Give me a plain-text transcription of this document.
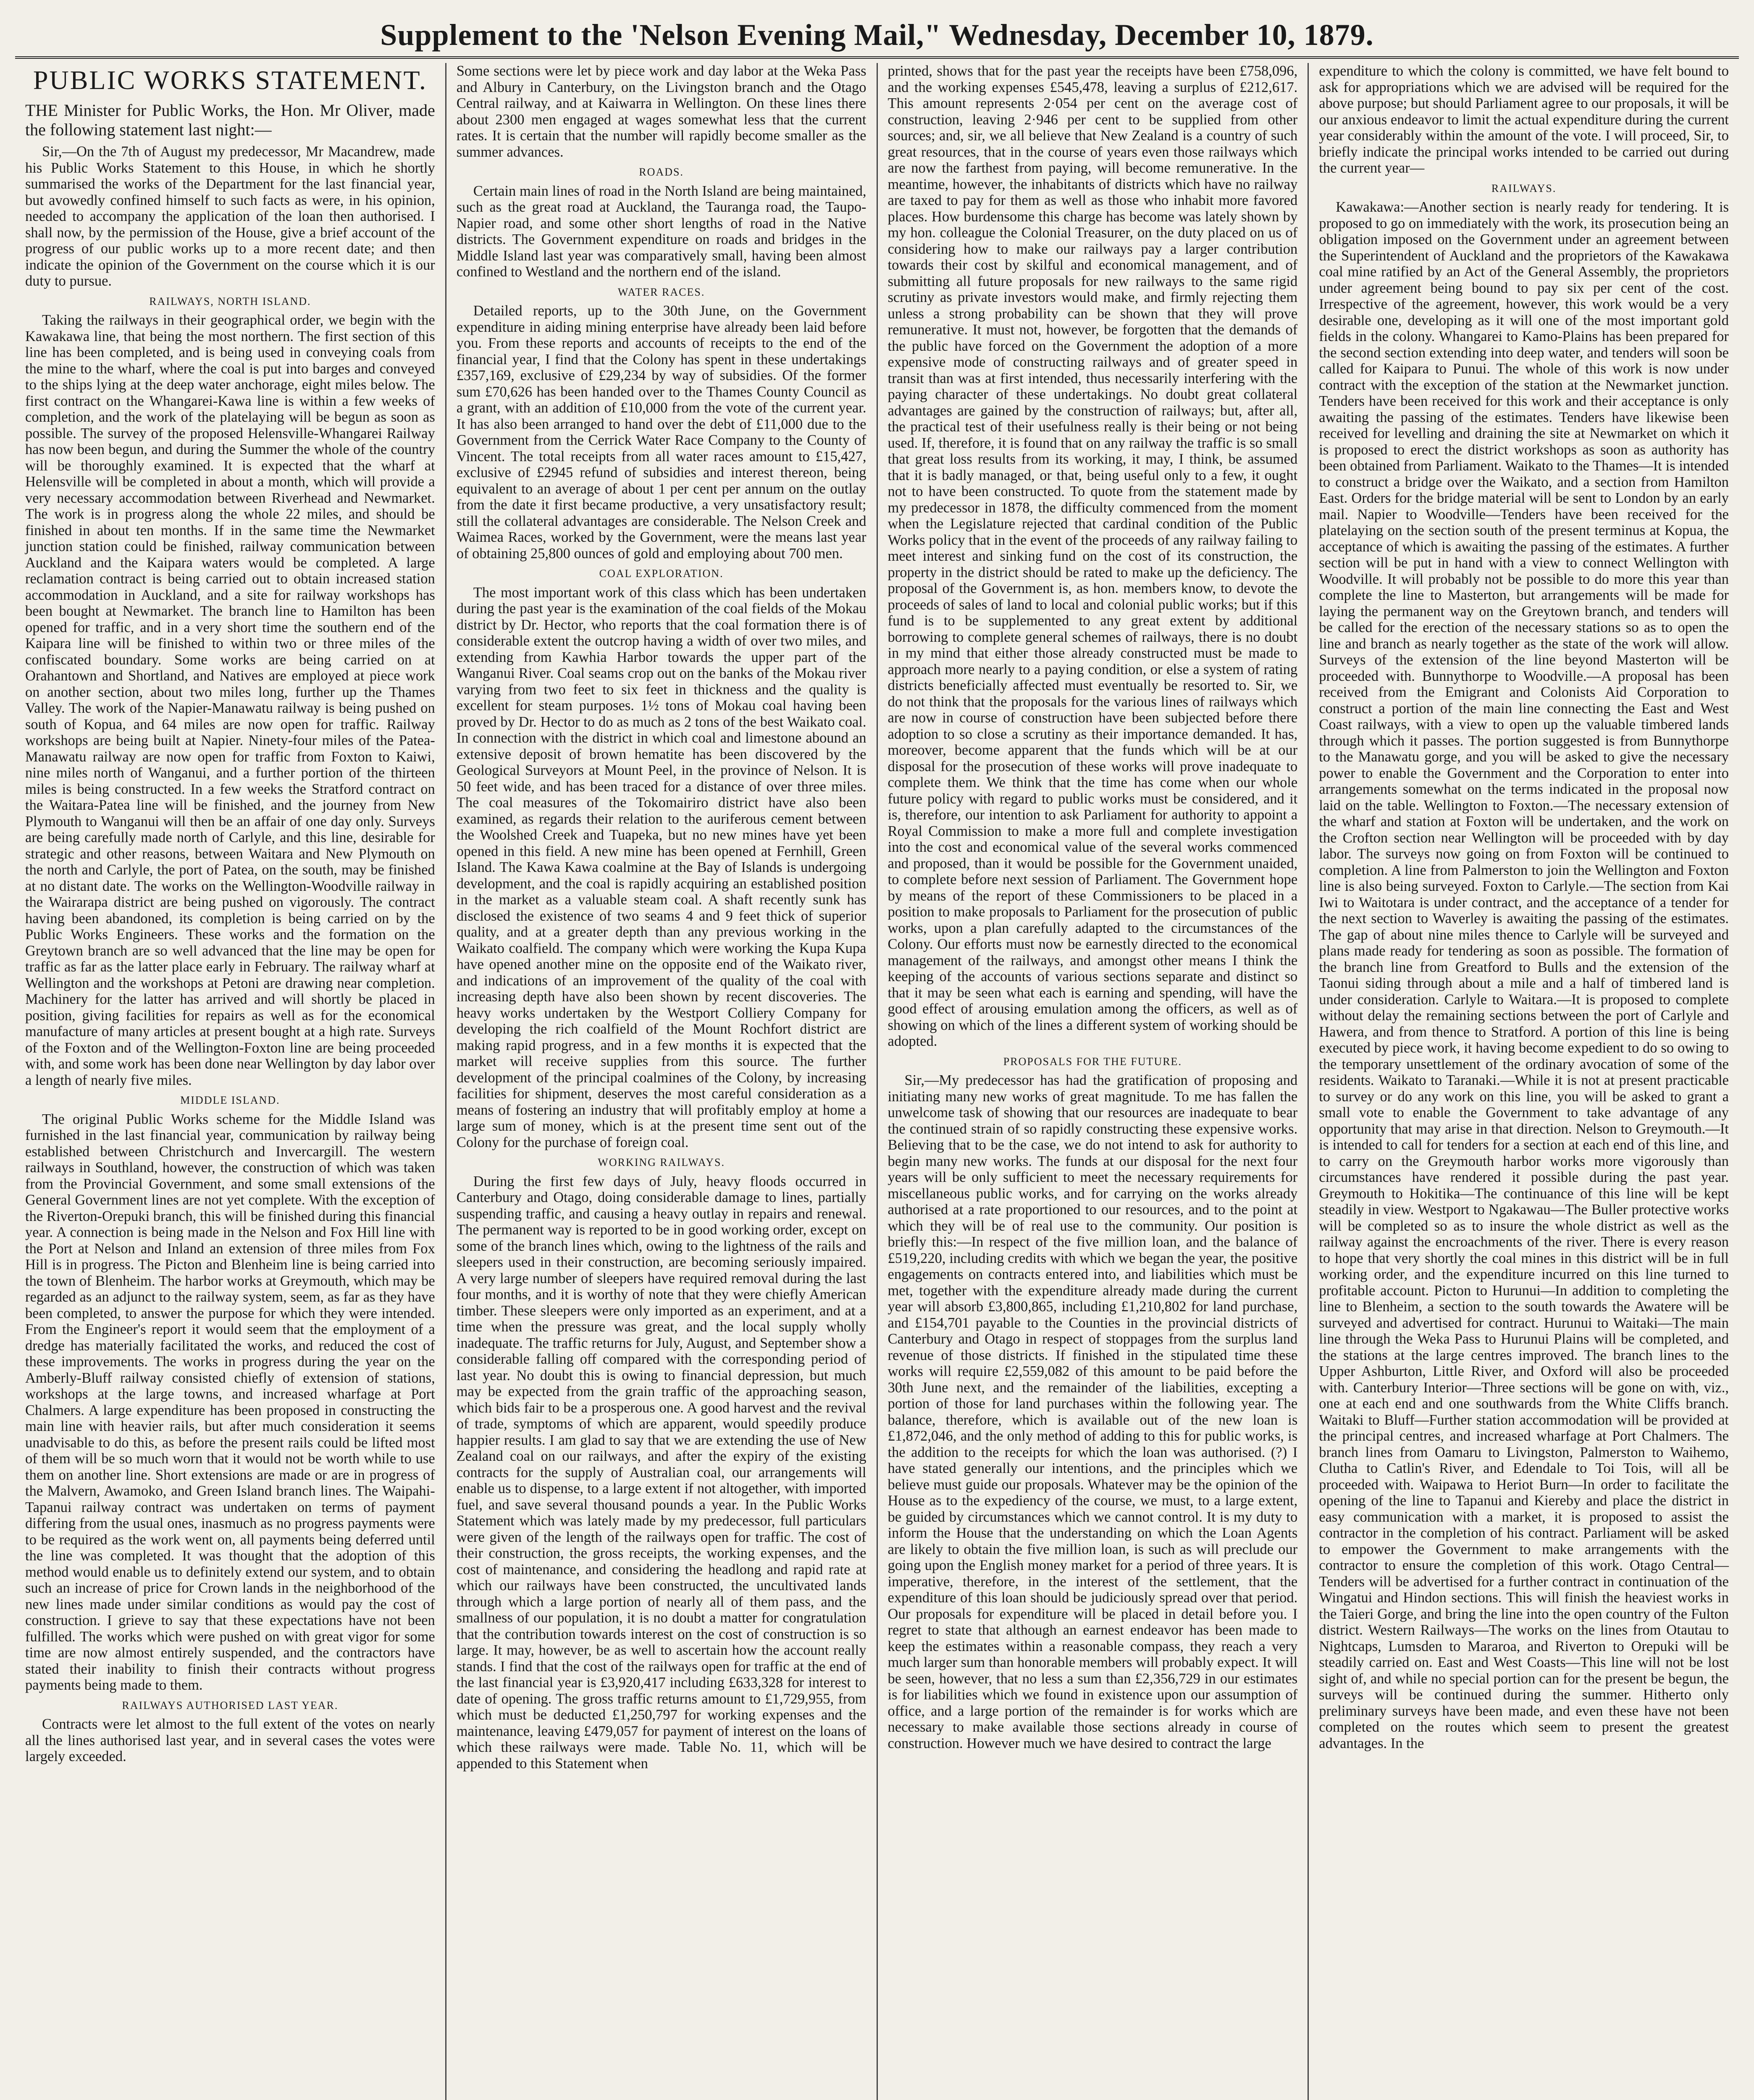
Supplement to the 'Nelson Evening Mail," Wednesday, December 10, 1879.
PUBLIC WORKS STATEMENT.

THE Minister for Public Works, the Hon. Mr Oliver, made the following statement last night:—

Sir,—On the 7th of August my predecessor, Mr Macandrew, made his Public Works Statement to this House, in which he shortly summarised the works of the Department for the last financial year, but avowedly confined himself to such facts as were, in his opinion, needed to accompany the application of the loan then authorised. I shall now, by the permission of the House, give a brief account of the progress of our public works up to a more recent date; and then indicate the opinion of the Government on the course which it is our duty to pursue.

RAILWAYS, NORTH ISLAND.

Taking the railways in their geographical order, we begin with the Kawakawa line, that being the most northern. The first section of this line has been completed, and is being used in conveying coals from the mine to the wharf, where the coal is put into barges and conveyed to the ships lying at the deep water anchorage, eight miles below. The first contract on the Whangarei-Kawa line is within a few weeks of completion, and the work of the platelaying will be begun as soon as possible. The survey of the proposed Helensville-Whangarei Railway has now been begun, and during the Summer the whole of the country will be thoroughly examined. It is expected that the wharf at Helensville will be completed in about a month, which will provide a very necessary accommodation between Riverhead and Newmarket. The work is in progress along the whole 22 miles, and should be finished in about ten months. If in the same time the Newmarket junction station could be finished, railway communication between Auckland and the Kaipara waters would be completed. A large reclamation contract is being carried out to obtain increased station accommodation in Auckland, and a site for railway workshops has been bought at Newmarket. The branch line to Hamilton has been opened for traffic, and in a very short time the southern end of the Kaipara line will be finished to within two or three miles of the confiscated boundary. Some works are being carried on at Orahantown and Shortland, and Natives are employed at piece work on another section, about two miles long, further up the Thames Valley. The work of the Napier-Manawatu railway is being pushed on south of Kopua, and 64 miles are now open for traffic. Railway workshops are being built at Napier. Ninety-four miles of the Patea-Manawatu railway are now open for traffic from Foxton to Kaiwi, nine miles north of Wanganui, and a further portion of the thirteen miles is being constructed. In a few weeks the Stratford contract on the Waitara-Patea line will be finished, and the journey from New Plymouth to Wanganui will then be an affair of one day only. Surveys are being carefully made north of Carlyle, and this line, desirable for strategic and other reasons, between Waitara and New Plymouth on the north and Carlyle, the port of Patea, on the south, may be finished at no distant date. The works on the Wellington-Woodville railway in the Wairarapa district are being pushed on vigorously. The contract having been abandoned, its completion is being carried on by the Public Works Engineers. These works and the formation on the Greytown branch are so well advanced that the line may be open for traffic as far as the latter place early in February. The railway wharf at Wellington and the workshops at Petoni are drawing near completion. Machinery for the latter has arrived and will shortly be placed in position, giving facilities for repairs as well as for the economical manufacture of many articles at present bought at a high rate. Surveys of the Foxton and of the Wellington-Foxton line are being proceeded with, and some work has been done near Wellington by day labor over a length of nearly five miles.

MIDDLE ISLAND.

The original Public Works scheme for the Middle Island was furnished in the last financial year, communication by railway being established between Christchurch and Invercargill. The western railways in Southland, however, the construction of which was taken from the Provincial Government, and some small extensions of the General Government lines are not yet complete. With the exception of the Riverton-Orepuki branch, this will be finished during this financial year. A connection is being made in the Nelson and Fox Hill line with the Port at Nelson and Inland an extension of three miles from Fox Hill is in progress. The Picton and Blenheim line is being carried into the town of Blenheim. The harbor works at Greymouth, which may be regarded as an adjunct to the railway system, seem, as far as they have been completed, to answer the purpose for which they were intended. From the Engineer's report it would seem that the employment of a dredge has materially facilitated the works, and reduced the cost of these improvements. The works in progress during the year on the Amberly-Bluff railway consisted chiefly of extension of stations, workshops at the large towns, and increased wharfage at Port Chalmers. A large expenditure has been proposed in constructing the main line with heavier rails, but after much consideration it seems unadvisable to do this, as before the present rails could be lifted most of them will be so much worn that it would not be worth while to use them on another line. Short extensions are made or are in progress of the Malvern, Awamoko, and Green Island branch lines. The Waipahi-Tapanui railway contract was undertaken on terms of payment differing from the usual ones, inasmuch as no progress payments were to be required as the work went on, all payments being deferred until the line was completed. It was thought that the adoption of this method would enable us to definitely extend our system, and to obtain such an increase of price for Crown lands in the neighborhood of the new lines made under similar conditions as would pay the cost of construction. I grieve to say that these expectations have not been fulfilled. The works which were pushed on with great vigor for some time are now almost entirely suspended, and the contractors have stated their inability to finish their contracts without progress payments being made to them.

RAILWAYS AUTHORISED LAST YEAR.

Contracts were let almost to the full extent of the votes on nearly all the lines authorised last year, and in several cases the votes were largely exceeded.

Some sections were let by piece work and day labor at the Weka Pass and Albury in Canterbury, on the Livingston branch and the Otago Central railway, and at Kaiwarra in Wellington. On these lines there about 2300 men engaged at wages somewhat less that the current rates. It is certain that the number will rapidly become smaller as the summer advances.

ROADS.

Certain main lines of road in the North Island are being maintained, such as the great road at Auckland, the Tauranga road, the Taupo-Napier road, and some other short lengths of road in the Native districts. The Government expenditure on roads and bridges in the Middle Island last year was comparatively small, having been almost confined to Westland and the northern end of the island.

WATER RACES.

Detailed reports, up to the 30th June, on the Government expenditure in aiding mining enterprise have already been laid before you. From these reports and accounts of receipts to the end of the financial year, I find that the Colony has spent in these undertakings £357,169, exclusive of £29,234 by way of subsidies. Of the former sum £70,626 has been handed over to the Thames County Council as a grant, with an addition of £10,000 from the vote of the current year. It has also been arranged to hand over the debt of £11,000 due to the Government from the Cerrick Water Race Company to the County of Vincent. The total receipts from all water races amount to £15,427, exclusive of £2945 refund of subsidies and interest thereon, being equivalent to an average of about 1 per cent per annum on the outlay from the date it first became productive, a very unsatisfactory result; still the collateral advantages are considerable. The Nelson Creek and Waimea Races, worked by the Government, were the means last year of obtaining 25,800 ounces of gold and employing about 700 men.

COAL EXPLORATION.

The most important work of this class which has been undertaken during the past year is the examination of the coal fields of the Mokau district by Dr. Hector, who reports that the coal formation there is of considerable extent the outcrop having a width of over two miles, and extending from Kawhia Harbor towards the upper part of the Wanganui River. Coal seams crop out on the banks of the Mokau river varying from two feet to six feet in thickness and the quality is excellent for steam purposes. 1½ tons of Mokau coal having been proved by Dr. Hector to do as much as 2 tons of the best Waikato coal. In connection with the district in which coal and limestone abound an extensive deposit of brown hematite has been discovered by the Geological Surveyors at Mount Peel, in the province of Nelson. It is 50 feet wide, and has been traced for a distance of over three miles. The coal measures of the Tokomairiro district have also been examined, as regards their relation to the auriferous cement between the Woolshed Creek and Tuapeka, but no new mines have yet been opened in this field. A new mine has been opened at Fernhill, Green Island. The Kawa Kawa coalmine at the Bay of Islands is undergoing development, and the coal is rapidly acquiring an established position in the market as a valuable steam coal. A shaft recently sunk has disclosed the existence of two seams 4 and 9 feet thick of superior quality, and at a greater depth than any previous working in the Waikato coalfield. The company which were working the Kupa Kupa have opened another mine on the opposite end of the Waikato river, and indications of an improvement of the quality of the coal with increasing depth have also been shown by recent discoveries. The heavy works undertaken by the Westport Colliery Company for developing the rich coalfield of the Mount Rochfort district are making rapid progress, and in a few months it is expected that the market will receive supplies from this source. The further development of the principal coalmines of the Colony, by increasing facilities for shipment, deserves the most careful consideration as a means of fostering an industry that will profitably employ at home a large sum of money, which is at the present time sent out of the Colony for the purchase of foreign coal.

WORKING RAILWAYS.

During the first few days of July, heavy floods occurred in Canterbury and Otago, doing considerable damage to lines, partially suspending traffic, and causing a heavy outlay in repairs and renewal. The permanent way is reported to be in good working order, except on some of the branch lines which, owing to the lightness of the rails and sleepers used in their construction, are becoming seriously impaired. A very large number of sleepers have required removal during the last four months, and it is worthy of note that they were chiefly American timber. These sleepers were only imported as an experiment, and at a time when the pressure was great, and the local supply wholly inadequate. The traffic returns for July, August, and September show a considerable falling off compared with the corresponding period of last year. No doubt this is owing to financial depression, but much may be expected from the grain traffic of the approaching season, which bids fair to be a prosperous one. A good harvest and the revival of trade, symptoms of which are apparent, would speedily produce happier results. I am glad to say that we are extending the use of New Zealand coal on our railways, and after the expiry of the existing contracts for the supply of Australian coal, our arrangements will enable us to dispense, to a large extent if not altogether, with imported fuel, and save several thousand pounds a year. In the Public Works Statement which was lately made by my predecessor, full particulars were given of the length of the railways open for traffic. The cost of their construction, the gross receipts, the working expenses, and the cost of maintenance, and considering the headlong and rapid rate at which our railways have been constructed, the uncultivated lands through which a large portion of nearly all of them pass, and the smallness of our population, it is no doubt a matter for congratulation that the contribution towards interest on the cost of construction is so large. It may, however, be as well to ascertain how the account really stands. I find that the cost of the railways open for traffic at the end of the last financial year is £3,920,417 including £633,328 for interest to date of opening. The gross traffic returns amount to £1,729,955, from which must be deducted £1,250,797 for working expenses and the maintenance, leaving £479,057 for payment of interest on the loans of which these railways were made. Table No. 11, which will be appended to this Statement when

printed, shows that for the past year the receipts have been £758,096, and the working expenses £545,478, leaving a surplus of £212,617. This amount represents 2·054 per cent on the average cost of construction, leaving 2·946 per cent to be supplied from other sources; and, sir, we all believe that New Zealand is a country of such great resources, that in the course of years even those railways which are now the farthest from paying, will become remunerative. In the meantime, however, the inhabitants of districts which have no railway are taxed to pay for them as well as those who inhabit more favored places. How burdensome this charge has become was lately shown by my hon. colleague the Colonial Treasurer, on the duty placed on us of considering how to make our railways pay a larger contribution towards their cost by skilful and economical management, and of submitting all future proposals for new railways to the same rigid scrutiny as private investors would make, and firmly rejecting them unless a strong probability can be shown that they will prove remunerative. It must not, however, be forgotten that the demands of the public have forced on the Government the adoption of a more expensive mode of constructing railways and of greater speed in transit than was at first intended, thus necessarily interfering with the paying character of these undertakings. No doubt great collateral advantages are gained by the construction of railways; but, after all, the practical test of their usefulness really is their being or not being used. If, therefore, it is found that on any railway the traffic is so small that great loss results from its working, it may, I think, be assumed that it is badly managed, or that, being useful only to a few, it ought not to have been constructed. To quote from the statement made by my predecessor in 1878, the difficulty commenced from the moment when the Legislature rejected that cardinal condition of the Public Works policy that in the event of the proceeds of any railway failing to meet interest and sinking fund on the cost of its construction, the property in the district should be rated to make up the deficiency. The proposal of the Government is, as hon. members know, to devote the proceeds of sales of land to local and colonial public works; but if this fund is to be supplemented to any great extent by additional borrowing to complete general schemes of railways, there is no doubt in my mind that either those already constructed must be made to approach more nearly to a paying condition, or else a system of rating districts beneficially affected must eventually be resorted to. Sir, we do not think that the proposals for the various lines of railways which are now in course of construction have been subjected before there adoption to so close a scrutiny as their importance demanded. It has, moreover, become apparent that the funds which will be at our disposal for the prosecution of these works will prove inadequate to complete them. We think that the time has come when our whole future policy with regard to public works must be considered, and it is, therefore, our intention to ask Parliament for authority to appoint a Royal Commission to make a more full and complete investigation into the cost and economical value of the several works commenced and proposed, than it would be possible for the Government unaided, to complete before next session of Parliament. The Government hope by means of the report of these Commissioners to be placed in a position to make proposals to Parliament for the prosecution of public works, upon a plan carefully adapted to the circumstances of the Colony. Our efforts must now be earnestly directed to the economical management of the railways, and amongst other means I think the keeping of the accounts of various sections separate and distinct so that it may be seen what each is earning and spending, will have the good effect of arousing emulation among the officers, as well as of showing on which of the lines a different system of working should be adopted.

PROPOSALS FOR THE FUTURE.

Sir,—My predecessor has had the gratification of proposing and initiating many new works of great magnitude. To me has fallen the unwelcome task of showing that our resources are inadequate to bear the continued strain of so rapidly constructing these expensive works. Believing that to be the case, we do not intend to ask for authority to begin many new works. The funds at our disposal for the next four years will be only sufficient to meet the necessary requirements for miscellaneous public works, and for carrying on the works already authorised at a rate proportioned to our resources, and to the point at which they will be of real use to the community. Our position is briefly this:—In respect of the five million loan, and the balance of £519,220, including credits with which we began the year, the positive engagements on contracts entered into, and liabilities which must be met, together with the expenditure already made during the current year will absorb £3,800,865, including £1,210,802 for land purchase, and £154,701 payable to the Counties in the provincial districts of Canterbury and Otago in respect of stoppages from the surplus land revenue of those districts. If finished in the stipulated time these works will require £2,559,082 of this amount to be paid before the 30th June next, and the remainder of the liabilities, excepting a portion of those for land purchases within the following year. The balance, therefore, which is available out of the new loan is £1,872,046, and the only method of adding to this for public works, is the addition to the receipts for which the loan was authorised. (?) I have stated generally our intentions, and the principles which we believe must guide our proposals. Whatever may be the opinion of the House as to the expediency of the course, we must, to a large extent, be guided by circumstances which we cannot control. It is my duty to inform the House that the understanding on which the Loan Agents are likely to obtain the five million loan, is such as will preclude our going upon the English money market for a period of three years. It is imperative, therefore, in the interest of the settlement, that the expenditure of this loan should be judiciously spread over that period. Our proposals for expenditure will be placed in detail before you. I regret to state that although an earnest endeavor has been made to keep the estimates within a reasonable compass, they reach a very much larger sum than honorable members will probably expect. It will be seen, however, that no less a sum than £2,356,729 in our estimates is for liabilities which we found in existence upon our assumption of office, and a large portion of the remainder is for works which are necessary to make available those sections already in course of construction. However much we have desired to contract the large

expenditure to which the colony is committed, we have felt bound to ask for appropriations which we are advised will be required for the above purpose; but should Parliament agree to our proposals, it will be our anxious endeavor to limit the actual expenditure during the current year considerably within the amount of the vote. I will proceed, Sir, to briefly indicate the principal works intended to be carried out during the current year—

RAILWAYS.

Kawakawa:—Another section is nearly ready for tendering. It is proposed to go on immediately with the work, its prosecution being an obligation imposed on the Government under an agreement between the Superintendent of Auckland and the proprietors of the Kawakawa coal mine ratified by an Act of the General Assembly, the proprietors under agreement being bound to pay six per cent of the cost. Irrespective of the agreement, however, this work would be a very desirable one, developing as it will one of the most important gold fields in the colony. Whangarei to Kamo-Plains has been prepared for the second section extending into deep water, and tenders will soon be called for Kaipara to Punui. The whole of this work is now under contract with the exception of the station at the Newmarket junction. Tenders have been received for this work and their acceptance is only awaiting the passing of the estimates. Tenders have likewise been received for levelling and draining the site at Newmarket on which it is proposed to erect the district workshops as soon as authority has been obtained from Parliament. Waikato to the Thames—It is intended to construct a bridge over the Waikato, and a section from Hamilton East. Orders for the bridge material will be sent to London by an early mail. Napier to Woodville—Tenders have been received for the platelaying on the section south of the present terminus at Kopua, the acceptance of which is awaiting the passing of the estimates. A further section will be put in hand with a view to connect Wellington with Woodville. It will probably not be possible to do more this year than complete the line to Masterton, but arrangements will be made for laying the permanent way on the Greytown branch, and tenders will be called for the erection of the necessary stations so as to open the line and branch as nearly together as the state of the work will allow. Surveys of the extension of the line beyond Masterton will be proceeded with. Bunnythorpe to Woodville.—A proposal has been received from the Emigrant and Colonists Aid Corporation to construct a portion of the main line connecting the East and West Coast railways, with a view to open up the valuable timbered lands through which it passes. The portion suggested is from Bunnythorpe to the Manawatu gorge, and you will be asked to give the necessary power to enable the Government and the Corporation to enter into arrangements somewhat on the terms indicated in the proposal now laid on the table. Wellington to Foxton.—The necessary extension of the wharf and station at Foxton will be undertaken, and the work on the Crofton section near Wellington will be proceeded with by day labor. The surveys now going on from Foxton will be continued to completion. A line from Palmerston to join the Wellington and Foxton line is also being surveyed. Foxton to Carlyle.—The section from Kai Iwi to Waitotara is under contract, and the acceptance of a tender for the next section to Waverley is awaiting the passing of the estimates. The gap of about nine miles thence to Carlyle will be surveyed and plans made ready for tendering as soon as possible. The formation of the branch line from Greatford to Bulls and the extension of the Taonui siding through about a mile and a half of timbered land is under consideration. Carlyle to Waitara.—It is proposed to complete without delay the remaining sections between the port of Carlyle and Hawera, and from thence to Stratford. A portion of this line is being executed by piece work, it having become expedient to do so owing to the temporary unsettlement of the ordinary avocation of some of the residents. Waikato to Taranaki.—While it is not at present practicable to survey or do any work on this line, you will be asked to grant a small vote to enable the Government to take advantage of any opportunity that may arise in that direction. Nelson to Greymouth.—It is intended to call for tenders for a section at each end of this line, and to carry on the Greymouth harbor works more vigorously than circumstances have rendered it possible during the past year. Greymouth to Hokitika—The continuance of this line will be kept steadily in view. Westport to Ngakawau—The Buller protective works will be completed so as to insure the whole district as well as the railway against the encroachments of the river. There is every reason to hope that very shortly the coal mines in this district will be in full working order, and the expenditure incurred on this line turned to profitable account. Picton to Hurunui—In addition to completing the line to Blenheim, a section to the south towards the Awatere will be surveyed and advertised for contract. Hurunui to Waitaki—The main line through the Weka Pass to Hurunui Plains will be completed, and the stations at the large centres improved. The branch lines to the Upper Ashburton, Little River, and Oxford will also be proceeded with. Canterbury Interior—Three sections will be gone on with, viz., one at each end and one southwards from the White Cliffs branch. Waitaki to Bluff—Further station accommodation will be provided at the principal centres, and increased wharfage at Port Chalmers. The branch lines from Oamaru to Livingston, Palmerston to Waihemo, Clutha to Catlin's River, and Edendale to Toi Tois, will all be proceeded with. Waipawa to Heriot Burn—In order to facilitate the opening of the line to Tapanui and Kiereby and place the district in easy communication with a market, it is proposed to assist the contractor in the completion of his contract. Parliament will be asked to empower the Government to make arrangements with the contractor to ensure the completion of this work. Otago Central—Tenders will be advertised for a further contract in continuation of the Wingatui and Hindon sections. This will finish the heaviest works in the Taieri Gorge, and bring the line into the open country of the Fulton district. Western Railways—The works on the lines from Otautau to Nightcaps, Lumsden to Mararoa, and Riverton to Orepuki will be steadily carried on. East and West Coasts—This line will not be lost sight of, and while no special portion can for the present be begun, the surveys will be continued during the summer. Hitherto only preliminary surveys have been made, and even these have not been completed on the routes which seem to present the greatest advantages. In the
